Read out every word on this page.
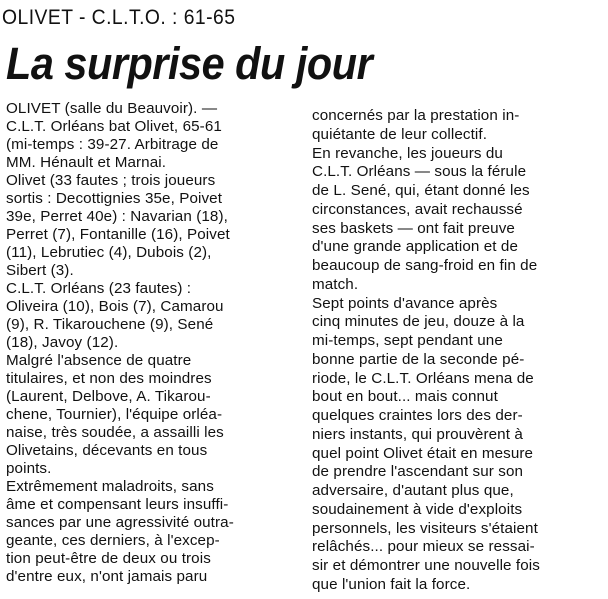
OLIVET - C.L.T.O. : 61-65
La surprise du jour
OLIVET (salle du Beauvoir). —
C.L.T. Orléans bat Olivet, 65-61
(mi-temps : 39-27. Arbitrage de
MM. Hénault et Marnai.
Olivet (33 fautes ; trois joueurs
sortis : Decottignies 35e, Poivet
39e, Perret 40e) : Navarian (18),
Perret (7), Fontanille (16), Poivet
(11), Lebrutiec (4), Dubois (2),
Sibert (3).
C.L.T. Orléans (23 fautes) :
Oliveira (10), Bois (7), Camarou
(9), R. Tikarouchene (9), Sené
(18), Javoy (12).
Malgré l'absence de quatre
titulaires, et non des moindres
(Laurent, Delbove, A. Tikarou-
chene, Tournier), l'équipe orléa-
naise, très soudée, a assailli les
Olivetains, décevants en tous
points.
Extrêmement maladroits, sans
âme et compensant leurs insuffi-
sances par une agressivité outra-
geante, ces derniers, à l'excep-
tion peut-être de deux ou trois
d'entre eux, n'ont jamais paru
concernés par la prestation in-
quiétante de leur collectif.
En revanche, les joueurs du
C.L.T. Orléans — sous la férule
de L. Sené, qui, étant donné les
circonstances, avait rechaussé
ses baskets — ont fait preuve
d'une grande application et de
beaucoup de sang-froid en fin de
match.
Sept points d'avance après
cinq minutes de jeu, douze à la
mi-temps, sept pendant une
bonne partie de la seconde pé-
riode, le C.L.T. Orléans mena de
bout en bout... mais connut
quelques craintes lors des der-
niers instants, qui prouvèrent à
quel point Olivet était en mesure
de prendre l'ascendant sur son
adversaire, d'autant plus que,
soudainement à vide d'exploits
personnels, les visiteurs s'étaient
relâchés... pour mieux se ressai-
sir et démontrer une nouvelle fois
que l'union fait la force.
